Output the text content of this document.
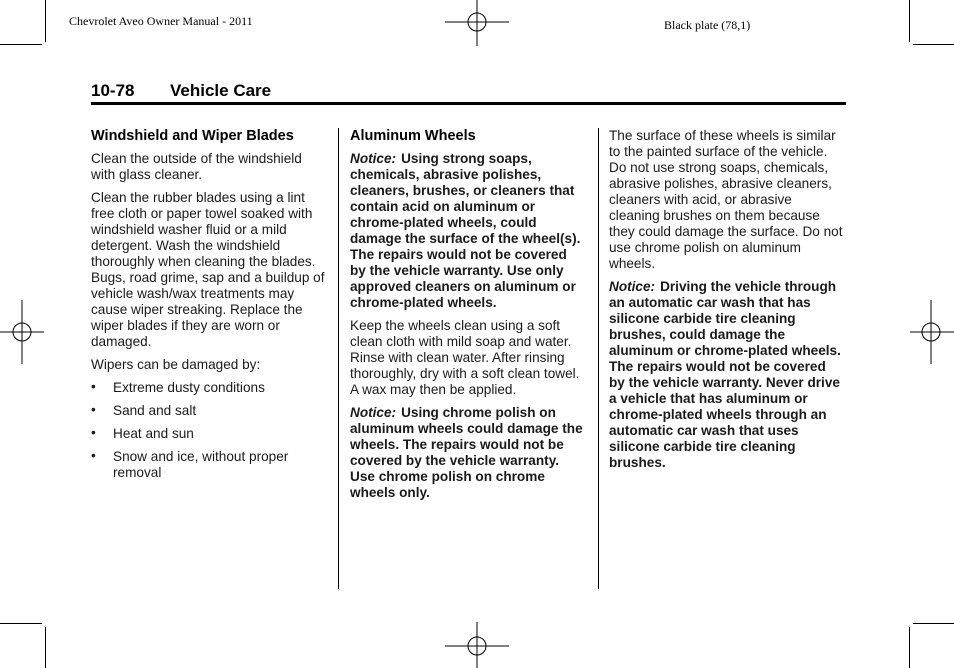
Chevrolet Aveo Owner Manual - 2011	Black plate (78,1)
10-78 Vehicle Care
Windshield and Wiper Blades

Clean the outside of the windshield with glass cleaner.

Clean the rubber blades using a lint free cloth or paper towel soaked with windshield washer fluid or a mild detergent. Wash the windshield thoroughly when cleaning the blades. Bugs, road grime, sap and a buildup of vehicle wash/wax treatments may cause wiper streaking. Replace the wiper blades if they are worn or damaged.

Wipers can be damaged by:

• Extreme dusty conditions
• Sand and salt
• Heat and sun
• Snow and ice, without proper removal
Aluminum Wheels

Notice: Using strong soaps, chemicals, abrasive polishes, cleaners, brushes, or cleaners that contain acid on aluminum or chrome-plated wheels, could damage the surface of the wheel(s). The repairs would not be covered by the vehicle warranty. Use only approved cleaners on aluminum or chrome-plated wheels.

Keep the wheels clean using a soft clean cloth with mild soap and water. Rinse with clean water. After rinsing thoroughly, dry with a soft clean towel. A wax may then be applied.

Notice: Using chrome polish on aluminum wheels could damage the wheels. The repairs would not be covered by the vehicle warranty. Use chrome polish on chrome wheels only.

The surface of these wheels is similar to the painted surface of the vehicle. Do not use strong soaps, chemicals, abrasive polishes, abrasive cleaners, cleaners with acid, or abrasive cleaning brushes on them because they could damage the surface. Do not use chrome polish on aluminum wheels.

Notice: Driving the vehicle through an automatic car wash that has silicone carbide tire cleaning brushes, could damage the aluminum or chrome-plated wheels. The repairs would not be covered by the vehicle warranty. Never drive a vehicle that has aluminum or chrome-plated wheels through an automatic car wash that uses silicone carbide tire cleaning brushes.
